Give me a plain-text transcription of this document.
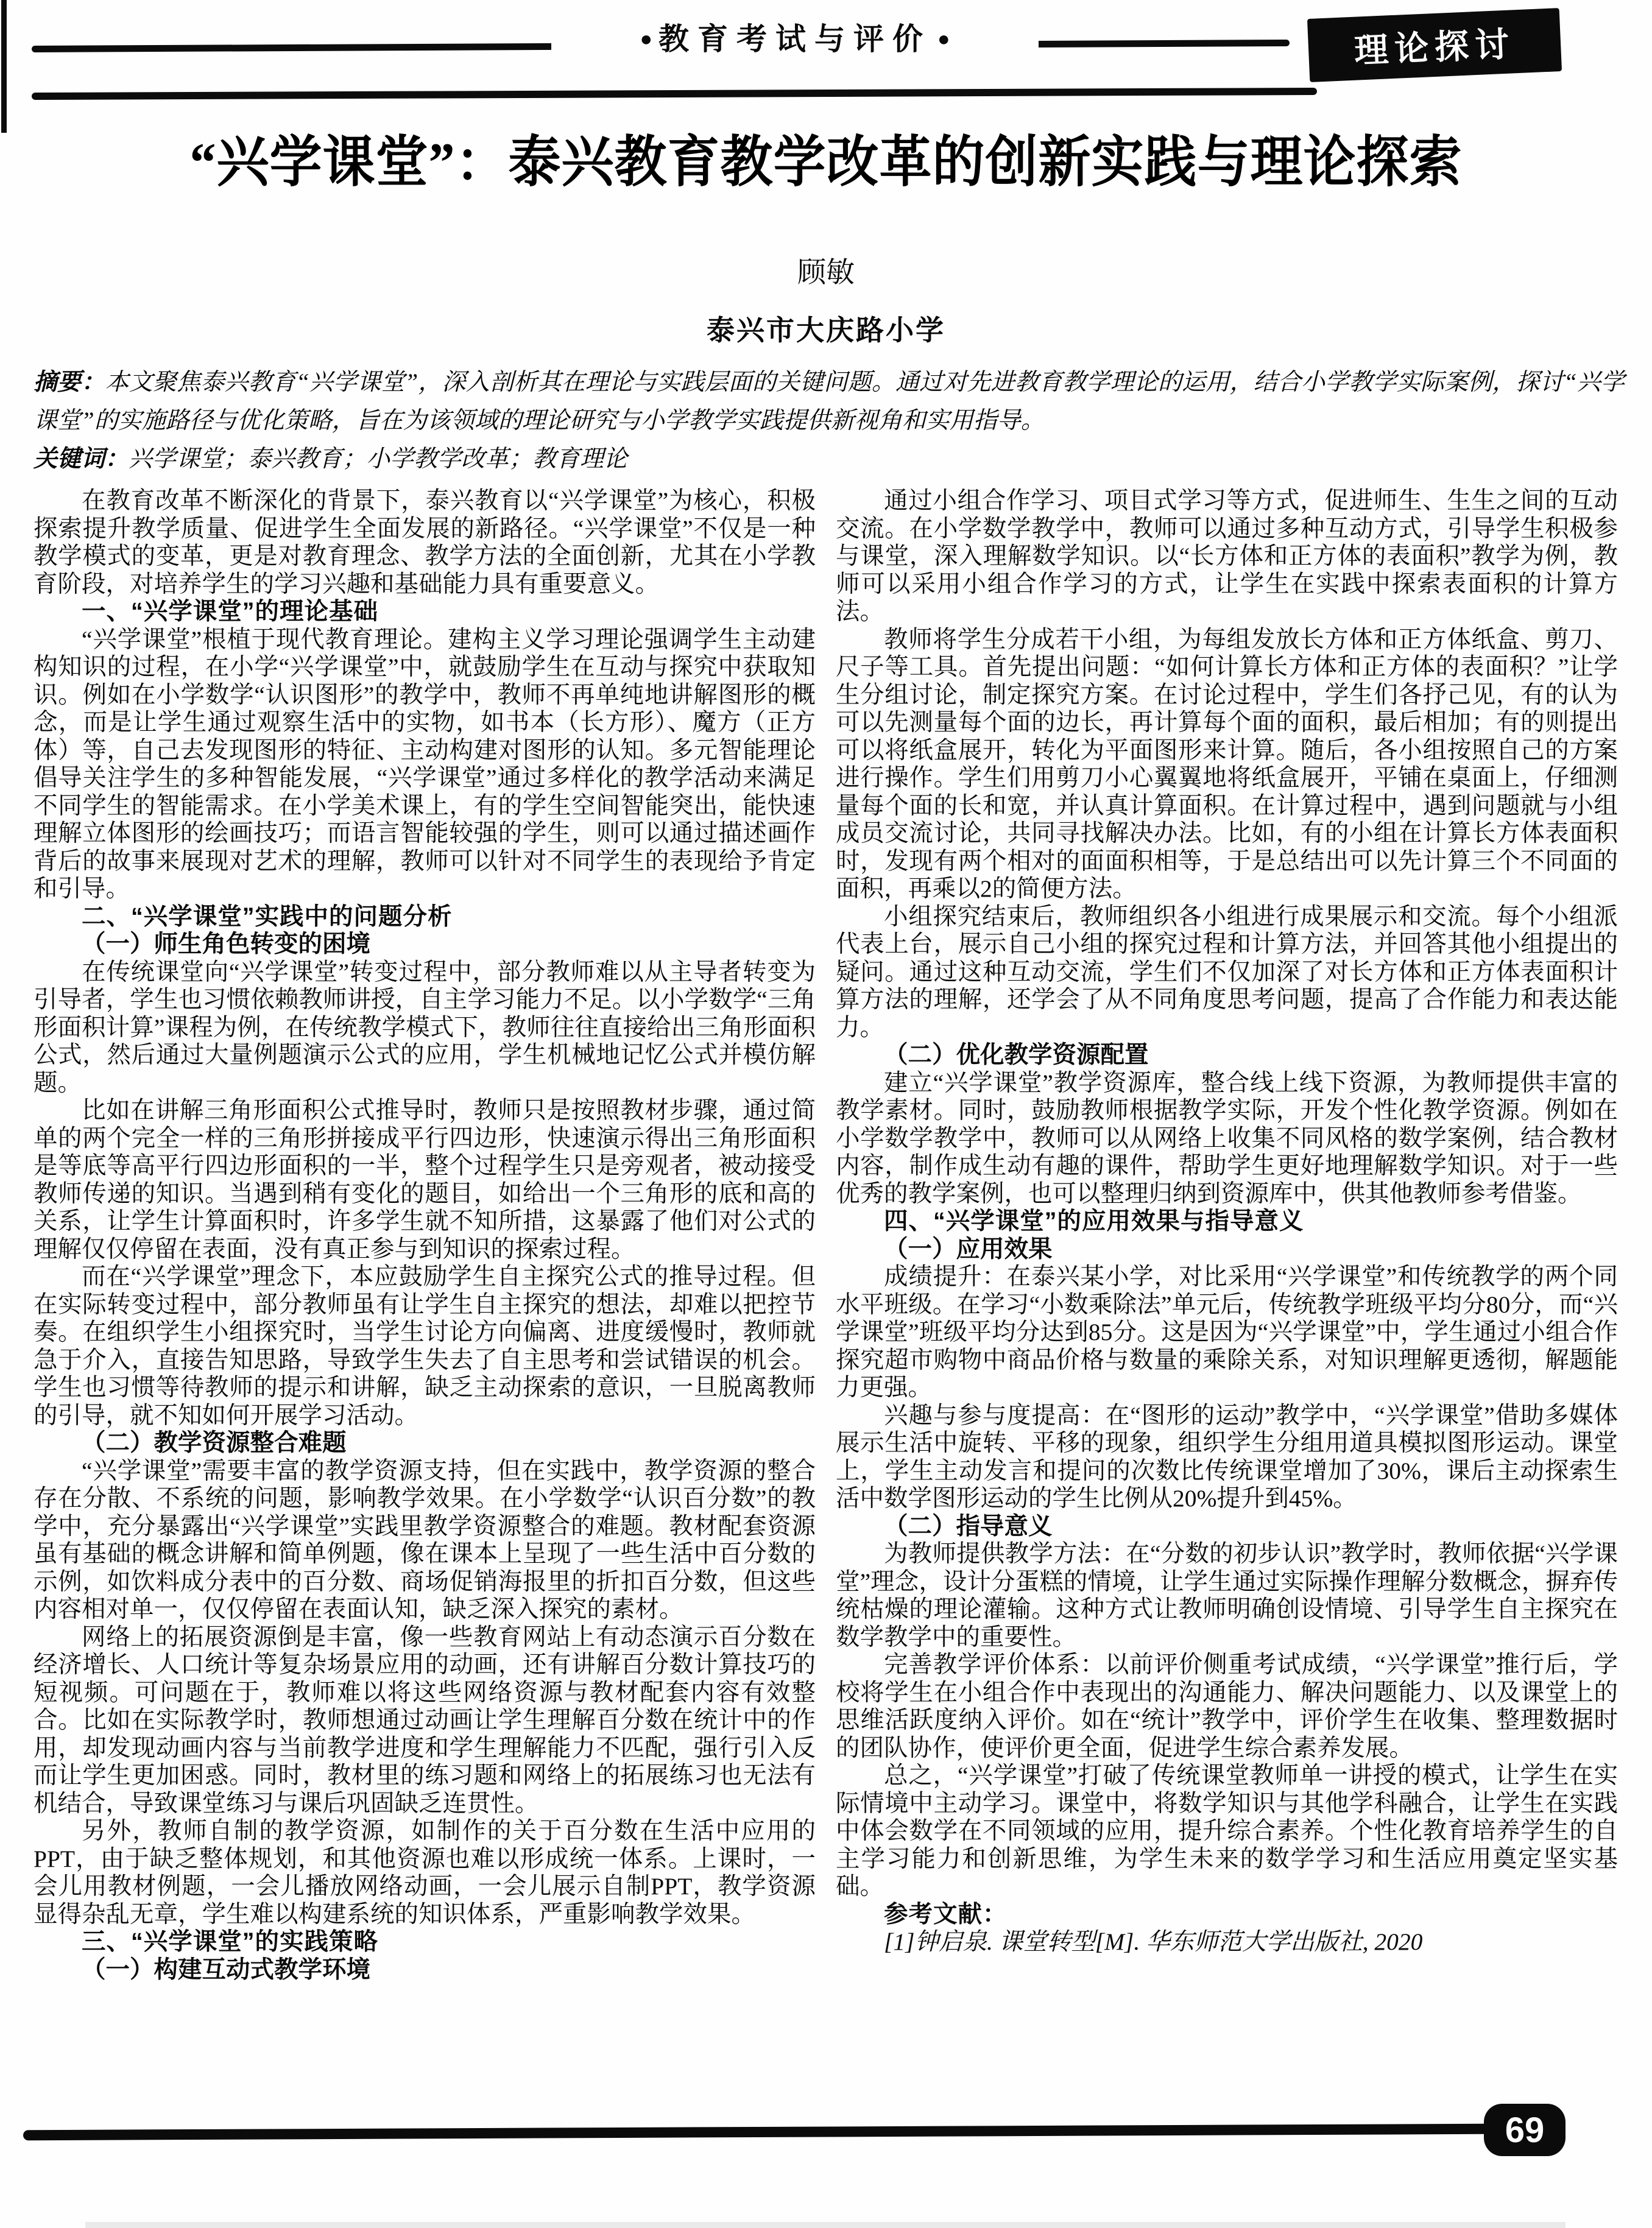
● 教育考试与评价 ●	理论探讨
“兴学课堂”：泰兴教育教学改革的创新实践与理论探索
顾敏
泰兴市大庆路小学

摘要：本文聚焦泰兴教育“兴学课堂”，深入剖析其在理论与实践层面的关键问题。通过对先进教育教学理论的运用，结合小学教学实际案例，探讨“兴学课堂”的实施路径与优化策略，旨在为该领域的理论研究与小学教学实践提供新视角和实用指导。

关键词：兴学课堂；泰兴教育；小学教学改革；教育理论

在教育改革不断深化的背景下，泰兴教育以“兴学课堂”为核心，积极探索提升教学质量、促进学生全面发展的新路径。“兴学课堂”不仅是一种教学模式的变革，更是对教育理念、教学方法的全面创新，尤其在小学教育阶段，对培养学生的学习兴趣和基础能力具有重要意义。

一、“兴学课堂”的理论基础

“兴学课堂”根植于现代教育理论。建构主义学习理论强调学生主动建构知识的过程，在小学“兴学课堂”中，就鼓励学生在互动与探究中获取知识。例如在小学数学“认识图形”的教学中，教师不再单纯地讲解图形的概念，而是让学生通过观察生活中的实物，如书本（长方形）、魔方（正方体）等，自己去发现图形的特征、主动构建对图形的认知。多元智能理论倡导关注学生的多种智能发展，“兴学课堂”通过多样化的教学活动来满足不同学生的智能需求。在小学美术课上，有的学生空间智能突出，能快速理解立体图形的绘画技巧；而语言智能较强的学生，则可以通过描述画作背后的故事来展现对艺术的理解，教师可以针对不同学生的表现给予肯定和引导。

二、“兴学课堂”实践中的问题分析
（一）师生角色转变的困境

在传统课堂向“兴学课堂”转变过程中，部分教师难以从主导者转变为引导者，学生也习惯依赖教师讲授，自主学习能力不足。以小学数学“三角形面积计算”课程为例，在传统教学模式下，教师往往直接给出三角形面积公式，然后通过大量例题演示公式的应用，学生机械地记忆公式并模仿解题。

比如在讲解三角形面积公式推导时，教师只是按照教材步骤，通过简单的两个完全一样的三角形拼接成平行四边形，快速演示得出三角形面积是等底等高平行四边形面积的一半，整个过程学生只是旁观者，被动接受教师传递的知识。当遇到稍有变化的题目，如给出一个三角形的底和高的关系，让学生计算面积时，许多学生就不知所措，这暴露了他们对公式的理解仅仅停留在表面，没有真正参与到知识的探索过程。

而在“兴学课堂”理念下，本应鼓励学生自主探究公式的推导过程。但在实际转变过程中，部分教师虽有让学生自主探究的想法，却难以把控节奏。在组织学生小组探究时，当学生讨论方向偏离、进度缓慢时，教师就急于介入，直接告知思路，导致学生失去了自主思考和尝试错误的机会。学生也习惯等待教师的提示和讲解，缺乏主动探索的意识，一旦脱离教师的引导，就不知如何开展学习活动。

（二）教学资源整合难题

“兴学课堂”需要丰富的教学资源支持，但在实践中，教学资源的整合存在分散、不系统的问题，影响教学效果。在小学数学“认识百分数”的教学中，充分暴露出“兴学课堂”实践里教学资源整合的难题。教材配套资源虽有基础的概念讲解和简单例题，像在课本上呈现了一些生活中百分数的示例，如饮料成分表中的百分数、商场促销海报里的折扣百分数，但这些内容相对单一，仅仅停留在表面认知，缺乏深入探究的素材。

网络上的拓展资源倒是丰富，像一些教育网站上有动态演示百分数在经济增长、人口统计等复杂场景应用的动画，还有讲解百分数计算技巧的短视频。可问题在于，教师难以将这些网络资源与教材配套内容有效整合。比如在实际教学时，教师想通过动画让学生理解百分数在统计中的作用，却发现动画内容与当前教学进度和学生理解能力不匹配，强行引入反而让学生更加困惑。同时，教材里的练习题和网络上的拓展练习也无法有机结合，导致课堂练习与课后巩固缺乏连贯性。

另外，教师自制的教学资源，如制作的关于百分数在生活中应用的PPT，由于缺乏整体规划，和其他资源也难以形成统一体系。上课时，一会儿用教材例题，一会儿播放网络动画，一会儿展示自制PPT，教学资源显得杂乱无章，学生难以构建系统的知识体系，严重影响教学效果。

三、“兴学课堂”的实践策略
（一）构建互动式教学环境

通过小组合作学习、项目式学习等方式，促进师生、生生之间的互动交流。在小学数学教学中，教师可以通过多种互动方式，引导学生积极参与课堂，深入理解数学知识。以“长方体和正方体的表面积”教学为例，教师可以采用小组合作学习的方式，让学生在实践中探索表面积的计算方法。

教师将学生分成若干小组，为每组发放长方体和正方体纸盒、剪刀、尺子等工具。首先提出问题：“如何计算长方体和正方体的表面积？”让学生分组讨论，制定探究方案。在讨论过程中，学生们各抒己见，有的认为可以先测量每个面的边长，再计算每个面的面积，最后相加；有的则提出可以将纸盒展开，转化为平面图形来计算。随后，各小组按照自己的方案进行操作。学生们用剪刀小心翼翼地将纸盒展开，平铺在桌面上，仔细测量每个面的长和宽，并认真计算面积。在计算过程中，遇到问题就与小组成员交流讨论，共同寻找解决办法。比如，有的小组在计算长方体表面积时，发现有两个相对的面面积相等，于是总结出可以先计算三个不同面的面积，再乘以2的简便方法。

小组探究结束后，教师组织各小组进行成果展示和交流。每个小组派代表上台，展示自己小组的探究过程和计算方法，并回答其他小组提出的疑问。通过这种互动交流，学生们不仅加深了对长方体和正方体表面积计算方法的理解，还学会了从不同角度思考问题，提高了合作能力和表达能力。

（二）优化教学资源配置

建立“兴学课堂”教学资源库，整合线上线下资源，为教师提供丰富的教学素材。同时，鼓励教师根据教学实际，开发个性化教学资源。例如在小学数学教学中，教师可以从网络上收集不同风格的数学案例，结合教材内容，制作成生动有趣的课件，帮助学生更好地理解数学知识。对于一些优秀的教学案例，也可以整理归纳到资源库中，供其他教师参考借鉴。

四、“兴学课堂”的应用效果与指导意义
（一）应用效果

成绩提升：在泰兴某小学，对比采用“兴学课堂”和传统教学的两个同水平班级。在学习“小数乘除法”单元后，传统教学班级平均分80分，而“兴学课堂”班级平均分达到85分。这是因为“兴学课堂”中，学生通过小组合作探究超市购物中商品价格与数量的乘除关系，对知识理解更透彻，解题能力更强。

兴趣与参与度提高：在“图形的运动”教学中，“兴学课堂”借助多媒体展示生活中旋转、平移的现象，组织学生分组用道具模拟图形运动。课堂上，学生主动发言和提问的次数比传统课堂增加了30%，课后主动探索生活中数学图形运动的学生比例从20%提升到45%。

（二）指导意义

为教师提供教学方法：在“分数的初步认识”教学时，教师依据“兴学课堂”理念，设计分蛋糕的情境，让学生通过实际操作理解分数概念，摒弃传统枯燥的理论灌输。这种方式让教师明确创设情境、引导学生自主探究在数学教学中的重要性。

完善教学评价体系：以前评价侧重考试成绩，“兴学课堂”推行后，学校将学生在小组合作中表现出的沟通能力、解决问题能力、以及课堂上的思维活跃度纳入评价。如在“统计”教学中，评价学生在收集、整理数据时的团队协作，使评价更全面，促进学生综合素养发展。

总之，“兴学课堂”打破了传统课堂教师单一讲授的模式，让学生在实际情境中主动学习。课堂中，将数学知识与其他学科融合，让学生在实践中体会数学在不同领域的应用，提升综合素养。个性化教育培养学生的自主学习能力和创新思维，为学生未来的数学学习和生活应用奠定坚实基础。

参考文献：
[1]钟启泉. 课堂转型[M]. 华东师范大学出版社, 2020
69
